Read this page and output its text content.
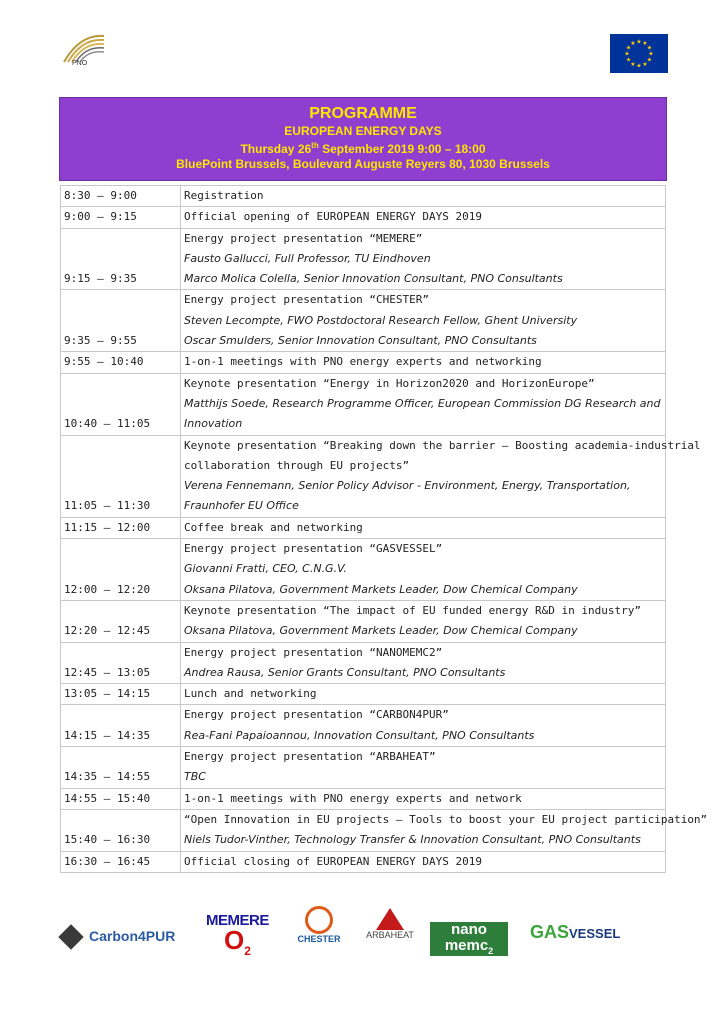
PNO
★
★
★
★
★
★
★
★
★ ★ ★
★
PROGRAMME
EUROPEAN ENERGY DAYS
Thursday 26th September 2019 9:00 – 18:00
BluePoint Brussels, Boulevard Auguste Reyers 80, 1030 Brussels
8:30 – 9:00	Registration

9:00 – 9:15	Official opening of EUROPEAN ENERGY DAYS 2019

9:15 – 9:35	Energy project presentation “MEMERE”
Fausto Gallucci, Full Professor, TU Eindhoven
Marco Molica Colella, Senior Innovation Consultant, PNO Consultants

9:35 – 9:55	Energy project presentation “CHESTER”
Steven Lecompte, FWO Postdoctoral Research Fellow, Ghent University
Oscar Smulders, Senior Innovation Consultant, PNO Consultants

9:55 – 10:40	1-on-1 meetings with PNO energy experts and networking

10:40 – 11:05	Keynote presentation “Energy in Horizon2020 and HorizonEurope”
Matthijs Soede, Research Programme Officer, European Commission DG Research and
Innovation

11:05 – 11:30	Keynote presentation “Breaking down the barrier – Boosting academia-industrial
collaboration through EU projects”
Verena Fennemann, Senior Policy Advisor - Environment, Energy, Transportation,
Fraunhofer EU Office

11:15 – 12:00	Coffee break and networking

12:00 – 12:20	Energy project presentation “GASVESSEL”
Giovanni Fratti, CEO, C.N.G.V.
Oksana Pilatova, Government Markets Leader, Dow Chemical Company

12:20 – 12:45	Keynote presentation “The impact of EU funded energy R&D in industry”
Oksana Pilatova, Government Markets Leader, Dow Chemical Company

12:45 – 13:05	Energy project presentation “NANOMEMC2”
Andrea Rausa, Senior Grants Consultant, PNO Consultants

13:05 – 14:15	Lunch and networking

14:15 – 14:35	Energy project presentation “CARBON4PUR”
Rea-Fani Papaioannou, Innovation Consultant, PNO Consultants

14:35 – 14:55	Energy project presentation “ARBAHEAT”
TBC

14:55 – 15:40	1-on-1 meetings with PNO energy experts and network

15:40 – 16:30	“Open Innovation in EU projects – Tools to boost your EU project participation”
Niels Tudor-Vinther, Technology Transfer & Innovation Consultant, PNO Consultants

16:30 – 16:45	Official closing of EUROPEAN ENERGY DAYS 2019
Carbon4PUR
MEMERE
$O_2$
CHESTER	ARBAHEAT	nano
memc$_2$
GASVESSEL
